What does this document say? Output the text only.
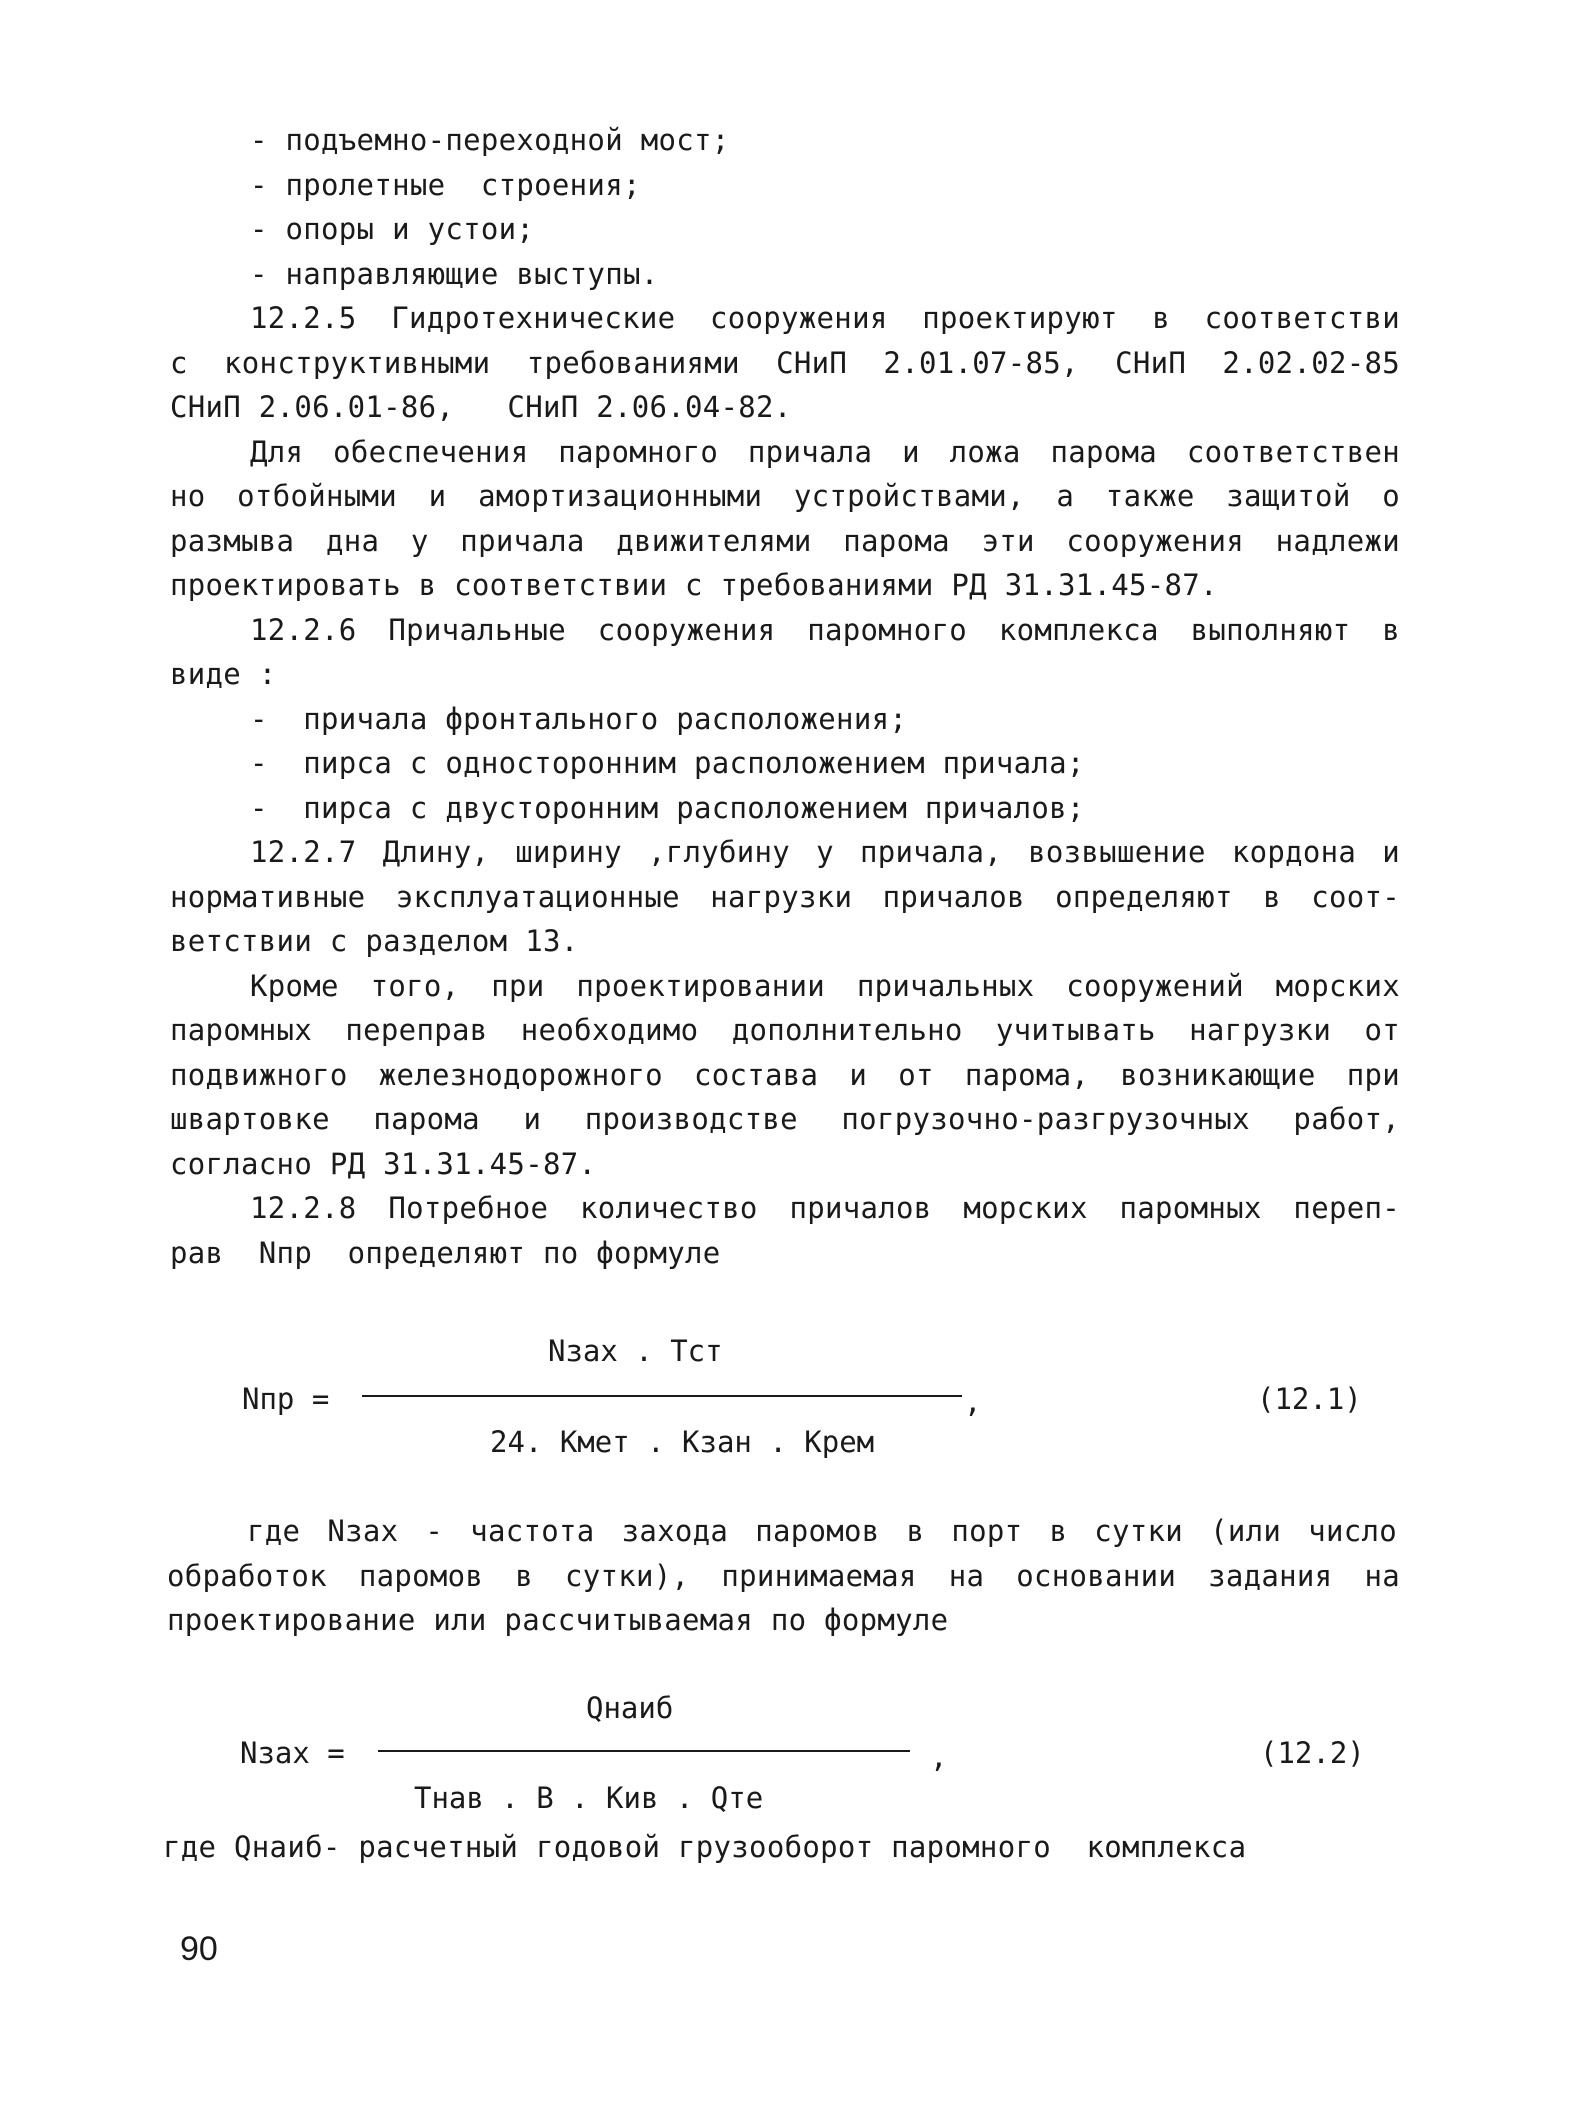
- подъемно-переходной мост;
- пролетные  строения;
- опоры и устои;
- направляющие выступы.
12.2.5 Гидротехнические сооружения проектируют в соответстви
с конструктивными требованиями СНиП 2.01.07-85, СНиП 2.02.02-85
СНиП 2.06.01-86,   СНиП 2.06.04-82.
Для обеспечения паромного причала и ложа парома соответствен
но отбойными и амортизационными устройствами, а также защитой о
размыва дна у причала движителями парома эти сооружения надлежи
проектировать в соответствии с требованиями РД 31.31.45-87.
12.2.6 Причальные сооружения паромного комплекса выполняют в
виде :
-  причала фронтального расположения;
-  пирса с односторонним расположением причала;
-  пирса с двусторонним расположением причалов;
12.2.7 Длину, ширину ,глубину у причала, возвышение кордона и
нормативные эксплуатационные нагрузки причалов определяют в соот-
ветствии с разделом 13.
Кроме того, при проектировании причальных сооружений морских
паромных переправ необходимо дополнительно учитывать нагрузки от
подвижного железнодорожного состава и от парома, возникающие при
швартовке парома и производстве погрузочно-разгрузочных работ,
согласно РД 31.31.45-87.
12.2.8 Потребное количество причалов морских паромных переп-
рав  Nпр  определяют по формуле
Nзах . Тст
Nпр =	,	(12.1)
24. Кмет . Кзан . Крем
где Nзах - частота захода паромов в порт в сутки (или число
обработок паромов в сутки), принимаемая на основании задания на
проектирование или рассчитываемая по формуле
Qнаиб
Nзах =	,	(12.2)
Тнав . В . Кив . Qте
где Qнаиб- расчетный годовой грузооборот паромного  комплекса
90
